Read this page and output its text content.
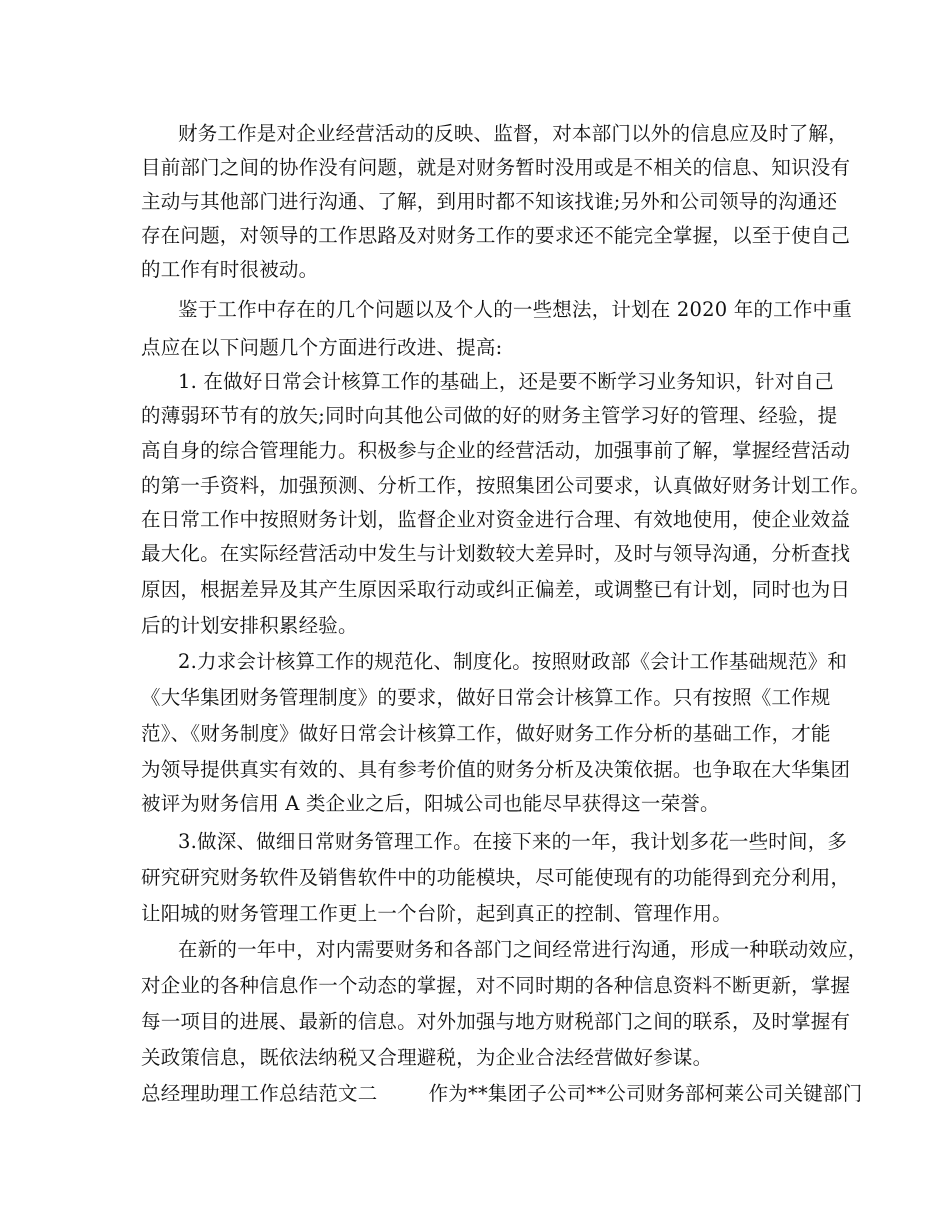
财务工作是对企业经营活动的反映、监督，对本部门以外的信息应及时了解，
目前部门之间的协作没有问题，就是对财务暂时没用或是不相关的信息、知识没有
主动与其他部门进行沟通、了解，到用时都不知该找谁;另外和公司领导的沟通还
存在问题，对领导的工作思路及对财务工作的要求还不能完全掌握，以至于使自己
的工作有时很被动。
鉴于工作中存在的几个问题以及个人的一些想法，计划在 2020 年的工作中重
点应在以下问题几个方面进行改进、提高:
1. 在做好日常会计核算工作的基础上，还是要不断学习业务知识，针对自己
的薄弱环节有的放矢;同时向其他公司做的好的财务主管学习好的管理、经验，提
高自身的综合管理能力。积极参与企业的经营活动，加强事前了解，掌握经营活动
的第一手资料，加强预测、分析工作，按照集团公司要求，认真做好财务计划工作。
在日常工作中按照财务计划，监督企业对资金进行合理、有效地使用，使企业效益
最大化。在实际经营活动中发生与计划数较大差异时，及时与领导沟通，分析查找
原因，根据差异及其产生原因采取行动或纠正偏差，或调整已有计划，同时也为日
后的计划安排积累经验。
2.力求会计核算工作的规范化、制度化。按照财政部《会计工作基础规范》和
《大华集团财务管理制度》的要求，做好日常会计核算工作。只有按照《工作规
范》、《财务制度》做好日常会计核算工作，做好财务工作分析的基础工作，才能
为领导提供真实有效的、具有参考价值的财务分析及决策依据。也争取在大华集团
被评为财务信用 A 类企业之后，阳城公司也能尽早获得这一荣誉。
3.做深、做细日常财务管理工作。在接下来的一年，我计划多花一些时间，多
研究研究财务软件及销售软件中的功能模块，尽可能使现有的功能得到充分利用，
让阳城的财务管理工作更上一个台阶，起到真正的控制、管理作用。
在新的一年中，对内需要财务和各部门之间经常进行沟通，形成一种联动效应，
对企业的各种信息作一个动态的掌握，对不同时期的各种信息资料不断更新，掌握
每一项目的进展、最新的信息。对外加强与地方财税部门之间的联系，及时掌握有
关政策信息，既依法纳税又合理避税，为企业合法经营做好参谋。
总经理助理工作总结范文二        作为**集团子公司**公司财务部柯莱公司关键部门
